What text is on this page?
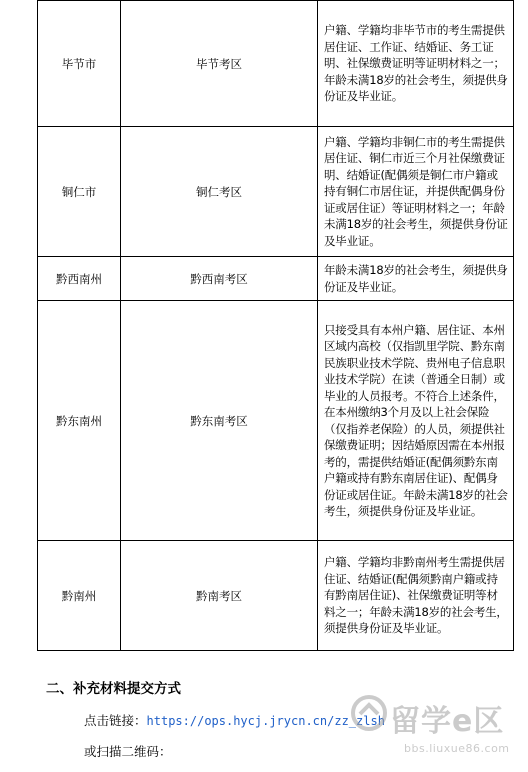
毕节市	毕节考区	户籍、学籍均非毕节市的考生需提供居住证、工作证、结婚证、务工证明、社保缴费证明等证明材料之一；年龄未满18岁的社会考生，须提供身份证及毕业证。
铜仁市	铜仁考区	户籍、学籍均非铜仁市的考生需提供居住证、铜仁市近三个月社保缴费证明、结婚证(配偶须是铜仁市户籍或持有铜仁市居住证，并提供配偶身份证或居住证）等证明材料之一；年龄未满18岁的社会考生，须提供身份证及毕业证。
黔西南州	黔西南考区	年龄未满18岁的社会考生，须提供身份证及毕业证。
黔东南州	黔东南考区	只接受具有本州户籍、居住证、本州区域内高校（仅指凯里学院、黔东南民族职业技术学院、贵州电子信息职业技术学院）在读（普通全日制）或毕业的人员报考。不符合上述条件，在本州缴纳3个月及以上社会保险（仅指养老保险）的人员，须提供社保缴费证明；因结婚原因需在本州报考的，需提供结婚证(配偶须黔东南户籍或持有黔东南居住证)、配偶身份证或居住证。年龄未满18岁的社会考生，须提供身份证及毕业证。
黔南州	黔南考区	户籍、学籍均非黔南州考生需提供居住证、结婚证(配偶须黔南户籍或持有黔南居住证)、社保缴费证明等材料之一；年龄未满18岁的社会考生，须提供身份证及毕业证。
二、补充材料提交方式
点击链接：https://ops.hycj.jrycn.cn/zz_zlsh
或扫描二维码：
留学e区
bbs.liuxue86.com
